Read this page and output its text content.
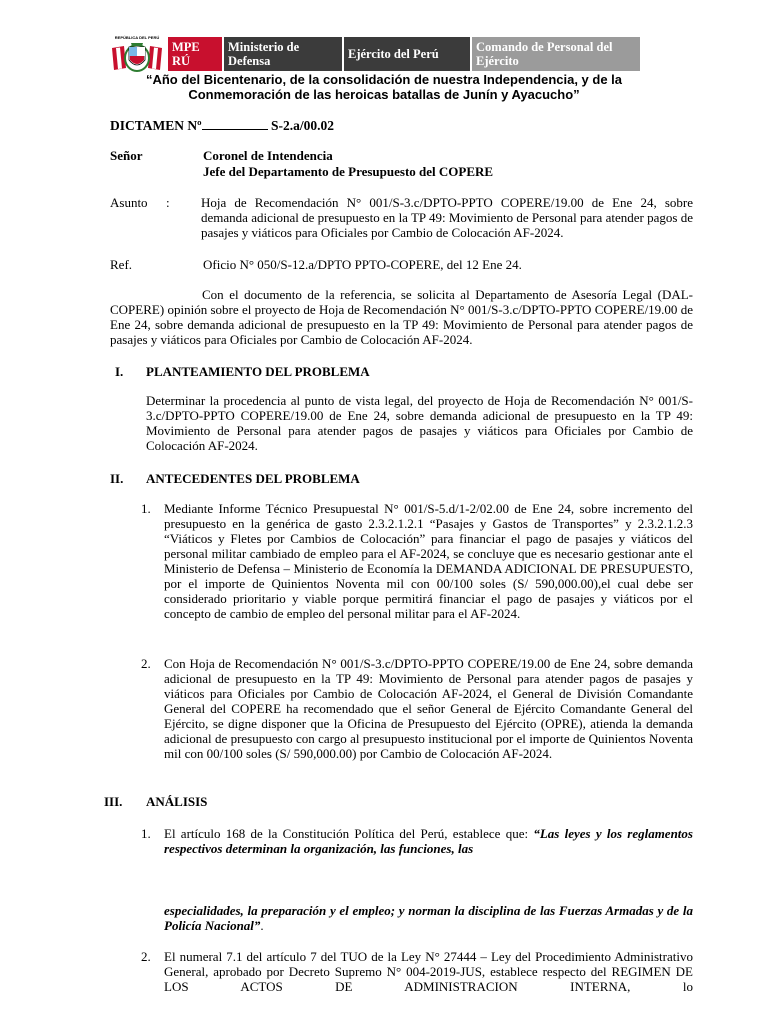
REPÚBLICA DEL PERÚ
MPE
RÚ
Ministerio de
Defensa	Ejército del Perú	Comando de Personal del
Ejército
“Año del Bicentenario, de la consolidación de nuestra Independencia, y de la
Conmemoración de las heroicas batallas de Junín y Ayacucho”
DICTAMEN Nº	S-2.a/00.02
Señor	Coronel de Intendencia
Jefe del Departamento de Presupuesto del COPERE
Asunto : Hoja de Recomendación N° 001/S-3.c/DPTO-PPTO COPERE/19.00 de Ene 24, sobre demanda adicional de presupuesto en la TP 49: Movimiento de Personal para atender pagos de pasajes y viáticos para Oficiales por Cambio de Colocación AF-2024.

Ref.	Oficio N° 050/S-12.a/DPTO PPTO-COPERE, del 12 Ene 24.

Con el documento de la referencia, se solicita al Departamento de Asesoría Legal (DAL-COPERE) opinión sobre el proyecto de Hoja de Recomendación N° 001/S-3.c/DPTO-PPTO COPERE/19.00 de Ene 24, sobre demanda adicional de presupuesto en la TP 49: Movimiento de Personal para atender pagos de pasajes y viáticos para Oficiales por Cambio de Colocación AF-2024.

I. PLANTEAMIENTO DEL PROBLEMA

Determinar la procedencia al punto de vista legal, del proyecto de Hoja de Recomendación N° 001/S-3.c/DPTO-PPTO COPERE/19.00 de Ene 24, sobre demanda adicional de presupuesto en la TP 49: Movimiento de Personal para atender pagos de pasajes y viáticos para Oficiales por Cambio de Colocación AF-2024.

II. ANTECEDENTES DEL PROBLEMA
1. Mediante Informe Técnico Presupuestal N° 001/S-5.d/1-2/02.00 de Ene 24, sobre incremento del presupuesto en la genérica de gasto 2.3.2.1.2.1 “Pasajes y Gastos de Transportes” y 2.3.2.1.2.3 “Viáticos y Fletes por Cambios de Colocación” para financiar el pago de pasajes y viáticos del personal militar cambiado de empleo para el AF-2024, se concluye que es necesario gestionar ante el Ministerio de Defensa – Ministerio de Economía la DEMANDA ADICIONAL DE PRESUPUESTO, por el importe de Quinientos Noventa mil con 00/100 soles (S/ 590,000.00),el cual debe ser considerado prioritario y viable porque permitirá financiar el pago de pasajes y viáticos por el concepto de cambio de empleo del personal militar para el AF-2024.

2. Con Hoja de Recomendación N° 001/S-3.c/DPTO-PPTO COPERE/19.00 de Ene 24, sobre demanda adicional de presupuesto en la TP 49: Movimiento de Personal para atender pagos de pasajes y viáticos para Oficiales por Cambio de Colocación AF-2024, el General de División Comandante General del COPERE ha recomendado que el señor General de Ejército Comandante General del Ejército, se digne disponer que la Oficina de Presupuesto del Ejército (OPRE), atienda la demanda adicional de presupuesto con cargo al presupuesto institucional por el importe de Quinientos Noventa mil con 00/100 soles (S/ 590,000.00) por Cambio de Colocación AF-2024.

III. ANÁLISIS
1. El artículo 168 de la Constitución Política del Perú, establece que: “Las leyes y los reglamentos respectivos determinan la organización, las funciones, las

especialidades, la preparación y el empleo; y norman la disciplina de las Fuerzas Armadas y de la Policía Nacional”.

2. El numeral 7.1 del artículo 7 del TUO de la Ley N° 27444 – Ley del Procedimiento Administrativo General, aprobado por Decreto Supremo N° 004-2019-JUS, establece respecto del REGIMEN DE LOS ACTOS DE ADMINISTRACION INTERNA, lo
